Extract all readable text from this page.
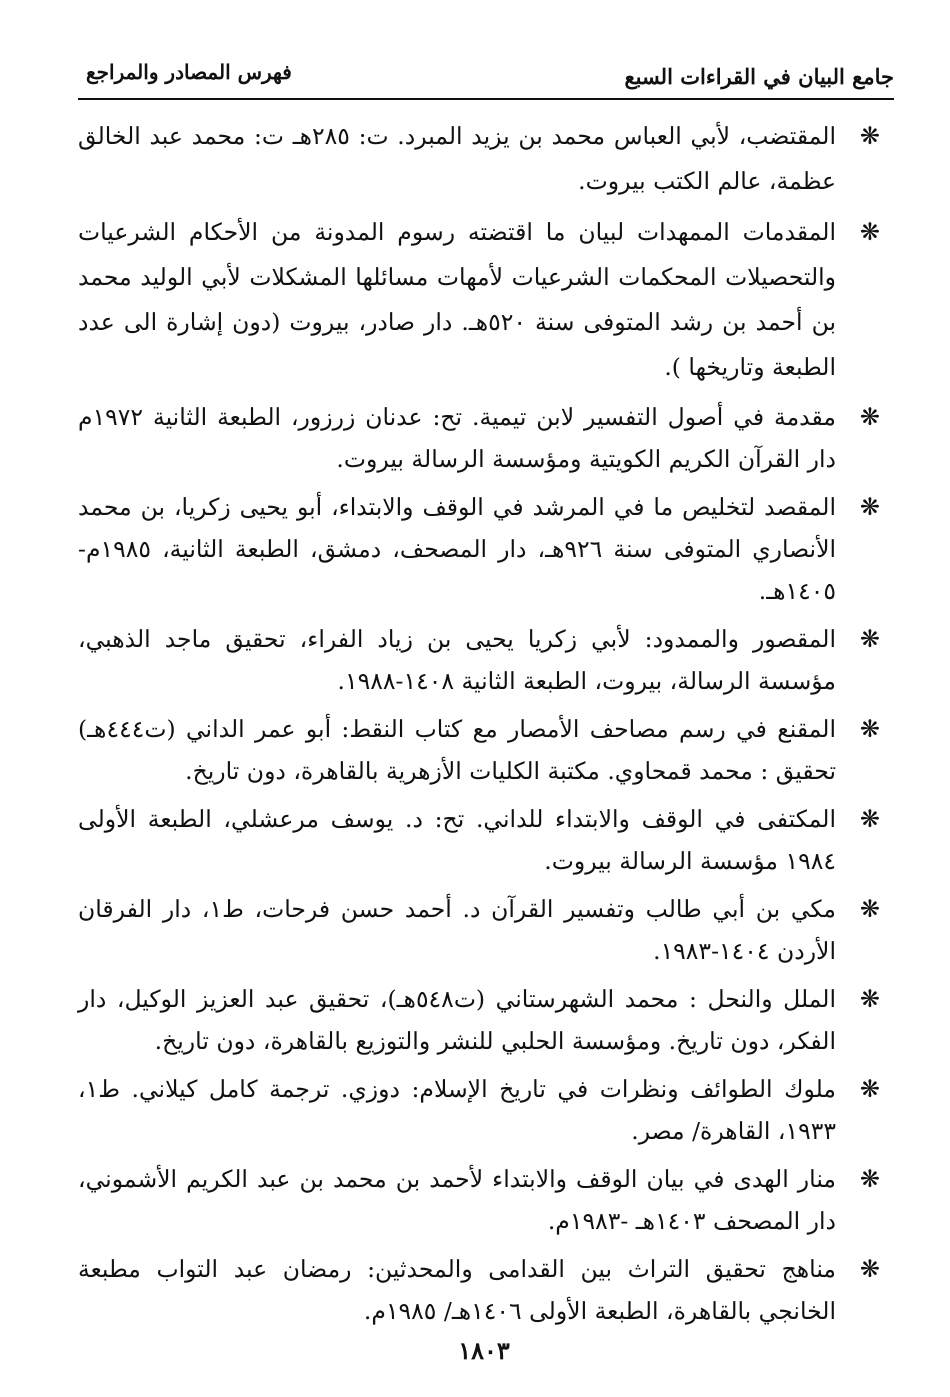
جامع البيان في القراءات السبع
فهرس المصادر والمراجع
❋
المقتضب، لأبي العباس محمد بن يزيد المبرد. ت: ٢٨٥هـ ت: محمد عبد الخالق عظمة، عالم الكتب بيروت.
❋
المقدمات الممهدات لبيان ما اقتضته رسوم المدونة من الأحكام الشرعيات والتحصيلات المحكمات الشرعيات لأمهات مسائلها المشكلات لأبي الوليد محمد بن أحمد بن رشد المتوفى سنة ٥٢٠هـ. دار صادر، بيروت (دون إشارة الى عدد الطبعة وتاريخها ).
❋
مقدمة في أصول التفسير لابن تيمية. تح: عدنان زرزور، الطبعة الثانية ١٩٧٢م دار القرآن الكريم الكويتية ومؤسسة الرسالة بيروت.
❋
المقصد لتخليص ما في المرشد في الوقف والابتداء، أبو يحيى زكريا، بن محمد الأنصاري المتوفى سنة ٩٢٦هـ، دار المصحف، دمشق، الطبعة الثانية، ١٩٨٥م- ١٤٠٥هـ.
❋
المقصور والممدود: لأبي زكريا يحيى بن زياد الفراء، تحقيق ماجد الذهبي، مؤسسة الرسالة، بيروت، الطبعة الثانية ١٤٠٨-١٩٨٨.
❋
المقنع في رسم مصاحف الأمصار مع كتاب النقط: أبو عمر الداني (ت٤٤٤هـ) تحقيق : محمد قمحاوي. مكتبة الكليات الأزهرية بالقاهرة، دون تاريخ.
❋
المكتفى في الوقف والابتداء للداني. تح: د. يوسف مرعشلي، الطبعة الأولى ١٩٨٤ مؤسسة الرسالة بيروت.
❋
مكي بن أبي طالب وتفسير القرآن د. أحمد حسن فرحات، ط١، دار الفرقان الأردن ١٤٠٤-١٩٨٣.
❋
الملل والنحل : محمد الشهرستاني (ت٥٤٨هـ)، تحقيق عبد العزيز الوكيل، دار الفكر، دون تاريخ. ومؤسسة الحلبي للنشر والتوزيع بالقاهرة، دون تاريخ.
❋
ملوك الطوائف ونظرات في تاريخ الإسلام: دوزي. ترجمة كامل كيلاني. ط١، ١٩٣٣، القاهرة/ مصر.
❋
منار الهدى في بيان الوقف والابتداء لأحمد بن محمد بن عبد الكريم الأشموني، دار المصحف ١٤٠٣هـ -١٩٨٣م.
❋
مناهج تحقيق التراث بين القدامى والمحدثين: رمضان عبد التواب مطبعة الخانجي بالقاهرة، الطبعة الأولى ١٤٠٦هـ/ ١٩٨٥م.
١٨٠٣
